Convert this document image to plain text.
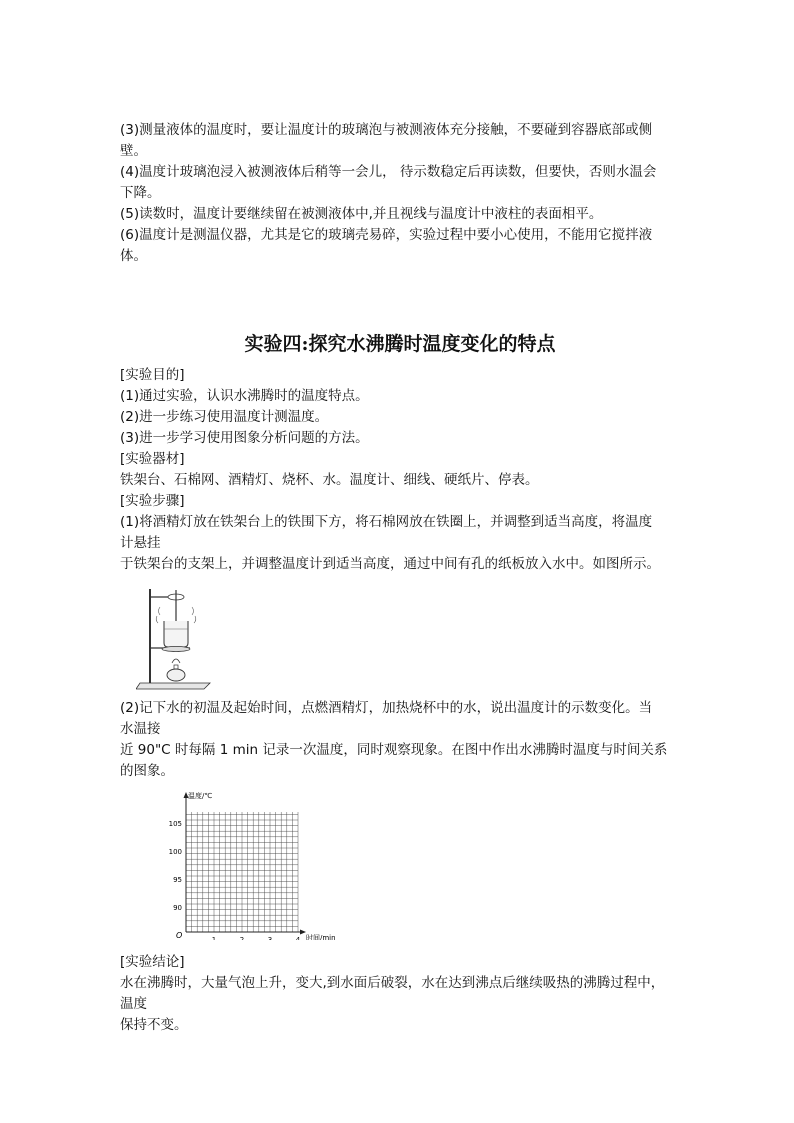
(3)测量液体的温度时，要让温度计的玻璃泡与被测液体充分接触，不要碰到容器底部或侧

壁。

(4)温度计玻璃泡浸入被测液体后稍等一会儿， 待示数稳定后再读数，但要快，否则水温会

下降。

(5)读数时，温度计要继续留在被测液体中,并且视线与温度计中液柱的表面相平。

(6)温度计是测温仪器，尤其是它的玻璃壳易碎，实验过程中要小心使用，不能用它搅拌液

体。

实验四:探究水沸腾时温度变化的特点

[实验目的]

(1)通过实验，认识水沸腾时的温度特点。

(2)进一步练习使用温度计测温度。

(3)进一步学习使用图象分析问题的方法。

[实验器材]

铁架台、石棉网、酒精灯、烧杯、水。温度计、细线、硬纸片、停表。

[实验步骤]

(1)将酒精灯放在铁架台上的铁围下方，将石棉网放在铁圈上，并调整到适当高度，将温度

计悬挂

于铁架台的支架上，并调整温度计到适当高度，通过中间有孔的纸板放入水中。如图所示。

(2)记下水的初温及起始时间，点燃酒精灯，加热烧杯中的水，说出温度计的示数变化。当

水温接

近 90"C 时每隔 1 min 记录一次温度，同时观察现象。在图中作出水沸腾时温度与时间关系

的图象。

温度/℃
时间/min
O
90
95
100
105
1	2	3	4

[实验结论]

水在沸腾时，大量气泡上升，变大,到水面后破裂，水在达到沸点后继续吸热的沸腾过程中，

温度

保持不变。
